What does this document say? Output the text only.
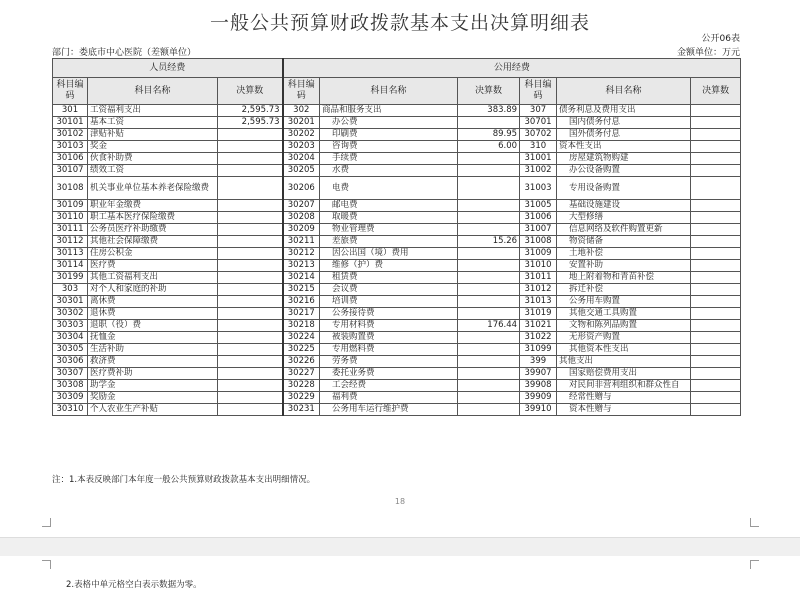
一般公共预算财政拨款基本支出决算明细表
公开06表
部门：娄底市中心医院（差额单位）	金额单位：万元
人员经费			公用经费					
科目编码	科目名称	决算数	科目编码	科目名称	决算数	科目编码	科目名称	决算数
301	工资福利支出	2,595.73	302	商品和服务支出	383.89	307	债务利息及费用支出	
30101	基本工资	2,595.73	30201	办公费		30701	国内债务付息	
30102	津贴补贴		30202	印刷费	89.95	30702	国外债务付息	
30103	奖金		30203	咨询费	6.00	310	资本性支出	
30106	伙食补助费		30204	手续费		31001	房屋建筑物购建	
30107	绩效工资		30205	水费		31002	办公设备购置	
30108	机关事业单位基本养老保险缴费		30206	电费		31003	专用设备购置	
30109	职业年金缴费		30207	邮电费		31005	基础设施建设	
30110	职工基本医疗保险缴费		30208	取暖费		31006	大型修缮	
30111	公务员医疗补助缴费		30209	物业管理费		31007	信息网络及软件购置更新	
30112	其他社会保障缴费		30211	差旅费	15.26	31008	物资储备	
30113	住房公积金		30212	因公出国（境）费用		31009	土地补偿	
30114	医疗费		30213	维修（护）费		31010	安置补助	
30199	其他工资福利支出		30214	租赁费		31011	地上附着物和青苗补偿	
303	对个人和家庭的补助		30215	会议费		31012	拆迁补偿	
30301	离休费		30216	培训费		31013	公务用车购置	
30302	退休费		30217	公务接待费		31019	其他交通工具购置	
30303	退职（役）费		30218	专用材料费	176.44	31021	文物和陈列品购置	
30304	抚恤金		30224	被装购置费		31022	无形资产购置	
30305	生活补助		30225	专用燃料费		31099	其他资本性支出	
30306	救济费		30226	劳务费		399	其他支出	
30307	医疗费补助		30227	委托业务费		39907	国家赔偿费用支出	
30308	助学金		30228	工会经费		39908	对民间非营利组织和群众性自	
30309	奖励金		30229	福利费		39909	经常性赠与	
30310	个人农业生产补贴		30231	公务用车运行维护费		39910	资本性赠与	
注：1.本表反映部门本年度一般公共预算财政拨款基本支出明细情况。
18
2.表格中单元格空白表示数据为零。
